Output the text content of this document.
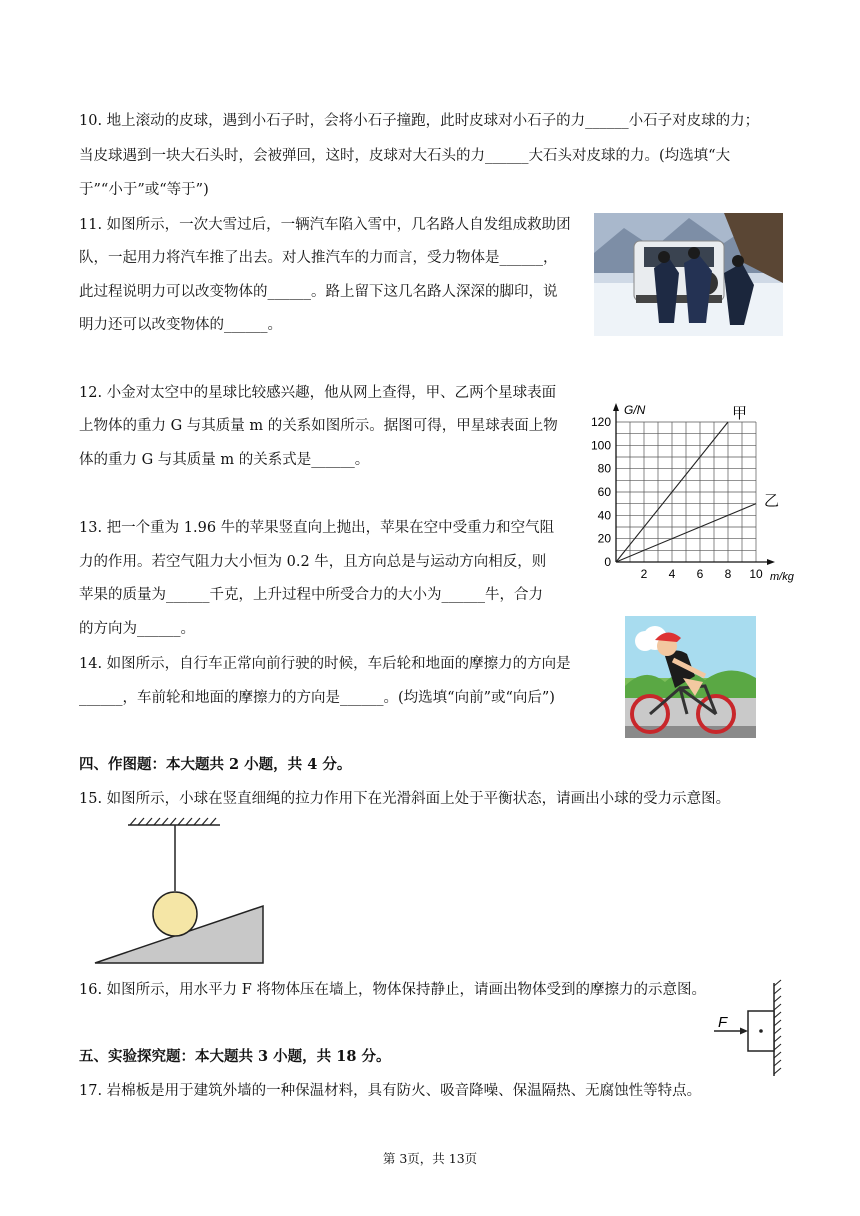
10. 地上滚动的皮球，遇到小石子时，会将小石子撞跑，此时皮球对小石子的力______小石子对皮球的力；
当皮球遇到一块大石头时，会被弹回，这时，皮球对大石头的力______大石头对皮球的力。(均选填“大
于”“小于”或“等于”)
11. 如图所示，一次大雪过后，一辆汽车陷入雪中，几名路人自发组成救助团
队，一起用力将汽车推了出去。对人推汽车的力而言，受力物体是______，
此过程说明力可以改变物体的______。路上留下这几名路人深深的脚印，说
明力还可以改变物体的______。
12. 小金对太空中的星球比较感兴趣，他从网上查得，甲、乙两个星球表面
上物体的重力 G 与其质量 m 的关系如图所示。据图可得，甲星球表面上物
体的重力 G 与其质量 m 的关系式是______。
2 4 6 8 10
0
20
40
60
80
100
120
G/N
m/kg
甲
乙
13. 把一个重为 1.96 牛的苹果竖直向上抛出，苹果在空中受重力和空气阻
力的作用。若空气阻力大小恒为 0.2 牛，且方向总是与运动方向相反，则
苹果的质量为______千克，上升过程中所受合力的大小为______牛，合力
的方向为______。
14. 如图所示，自行车正常向前行驶的时候，车后轮和地面的摩擦力的方向是
______，车前轮和地面的摩擦力的方向是______。(均选填“向前”或“向后”)
四、作图题：本大题共 2 小题，共 4 分。
15. 如图所示，小球在竖直细绳的拉力作用下在光滑斜面上处于平衡状态，请画出小球的受力示意图。
16. 如图所示，用水平力 F 将物体压在墙上，物体保持静止，请画出物体受到的摩擦力的示意图。
F
五、实验探究题：本大题共 3 小题，共 18 分。
17. 岩棉板是用于建筑外墙的一种保温材料，具有防火、吸音降噪、保温隔热、无腐蚀性等特点。
第 3页，共 13页
